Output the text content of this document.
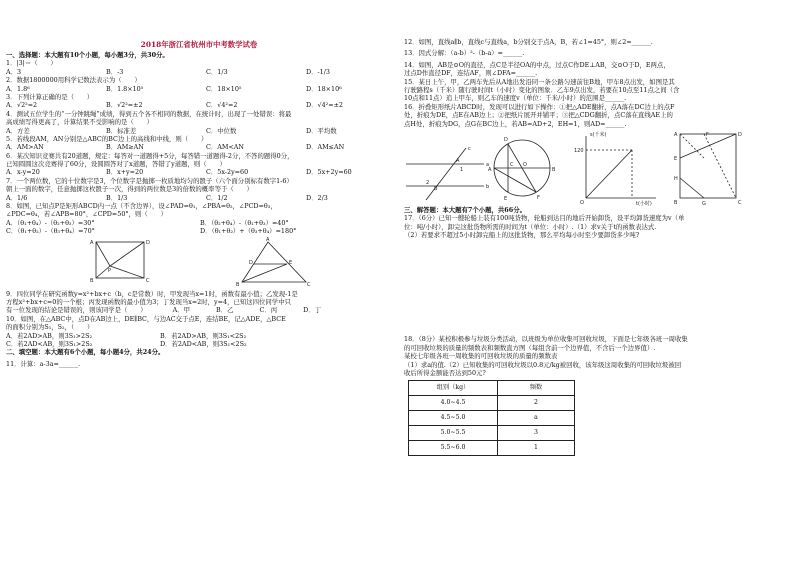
2018年浙江省杭州市中考数学试卷
一、选择题：本大题有10个小题，每小题3分，共30分。
1．|3|＝（　　）
A．3	B．-3	C．1/3	D．-1/3
2．数据1800000用科学记数法表示为（　　）
A．1.8⁶	B．1.8×10⁵	C．18×10⁵	D．18×10⁶
3．下列计算正确的是（　　）
A．√2²=2	B．√2²=±2	C．√4²=2	D．√4²=±2
4．测试五位学生的“一分钟跳绳”成绩，得到五个各不相同的数据，在统计时，出现了一处错误：将最
高成绩写得更高了，计算结果不受影响的是（　　）
A．方差	B．标准差	C．中位数	D．平均数
5．若线段AM，AN分别是△ABC的BC边上的高线和中线，则（　　）
A．AM>AN	B．AM≥AN	C．AM<AN	D．AM≤AN
6．某次知识竞赛共有20道题，规定：每答对一道题得+5分，每答错一道题得-2分，不答的题得0分，
已知圆圆这次竞赛得了60分，设圆圆答对了x道题，答错了y道题，则（　　）
A．x-y=20	B．x+y=20	C．5x-2y=60	D．5x+2y=60
7．一个两位数，它的十位数字是3，个位数字是抛掷一枚质地均匀的骰子（六个面分别标有数字1-6）
朝上一面的数字，任意抛掷这枚骰子一次，得到的两位数是3的倍数的概率等于（　　）
A．1/6	B．1/3	C．1/2	D．2/3
8．如图，已知点P是矩形ABCD内一点（不含边界），设∠PAD=θ₁，∠PBA=θ₂，∠PCD=θ₃，
∠PDC=θ₄，若∠APB=80°，∠CPD=50°，则（　　）
A．（θ₁+θ₄）-（θ₂+θ₃）=30°	B．（θ₂+θ₄）-（θ₁+θ₃）=40°
C．（θ₁+θ₂）-（θ₃+θ₄）=70°	D．（θ₁+θ₂）+（θ₃+θ₄）=180°
A	D
B	C
P
A
D	E
B	C
9．四位同学在研究函数y=x²+bx+c（b，c是常数）时，甲发现当x=1时，函数有最小值；乙发现-1是
方程x²+bx+c=0的一个根；丙发现函数的最小值为3；丁发现当x=2时，y=4，已知这四位同学中只
有一位发现的结论是错误的，则该同学是（　　）	A．甲	B．乙	C．丙	D．丁
10．如图，在△ABC中，点D在AB边上，DE∥BC，与边AC交于点E，连结BE，记△ADE，△BCE
的面积分别为S₁，S₂，（　　）
A．若2AD>AB，则3S₁>2S₂	B．若2AD>AB，则3S₁<2S₂
C．若2AD<AB，则3S₁>2S₂	D．若2AD<AB，则3S₁<2S₂
二、填空题：本大题有6个小题，每小题4分，共24分。
11．计算：a-3a=______.
12．如图，直线a∥b，直线c与直线a，b分别交于点A，B，若∠1=45°，则∠2=______.
13．因式分解：（a-b）²-（b-a）=______.
14．如图，AB是⊙O的直径，点C是半径OA的中点，过点C作DE⊥AB，交⊙O于D，E两点，
过点D作直径DF，连结AF，则∠DFA=______.
15．某日上午，甲，乙两车先后从A地出发沿同一条公路匀速前往B地，甲车8点出发，如图是其
行驶路程s（千米）随行驶时间t（小时）变化的图象．乙车9点出发，若要在10点至11点之间（含
10点和11点）追上甲车，则乙车的速度v（单位：千米/小时）的范围是______.
16．折叠矩形纸片ABCD时，发现可以进行如下操作：①把△ADE翻折，点A落在DC边上的点F
处，折痕为DE，点E在AB边上；②把纸片展开并铺平；③把△CDG翻折，点C落在直线AE上的
点H处，折痕为DG，点G在BC边上，若AB=AD+2，EH=1，则AD=______.
a
b
c
A
B
1
2
D
A	B
C O
E	F
s(千米)
120
O	t(小时)
A	D
E
H
B	G	C
F
三、解答题：本大题有7个小题，共66分。
17．（6分）已知一艘轮船上装有100吨货物，轮船到达目的地后开始卸货，设平均卸货速度为v（单
位：吨/小时），卸完这批货物所需的时间为t（单位：小时）.（1）求v关于t的函数表达式.
（2）若要求不超过5小时卸完船上的这批货物，那么平均每小时至少要卸货多少吨?
18．（8分）某校积极参与垃圾分类活动，以班级为单位收集可回收垃圾，下面是七年级各班一周收集
的可回收垃圾的质量的频数表和频数直方图（每组含前一个边界值，不含后一个边界值）.
某校七年级各班一周收集的可回收垃圾的质量的频数表
（1）求a的值.（2）已知收集的可回收垃圾以0.8元/kg被回收，该年级这周收集的可回收垃圾被回
收后所得金额能否达到50元?
组别（kg）	频数
4.0~4.5	2
4.5~5.0	a
5.0~5.5	3
5.5~6.0	1
